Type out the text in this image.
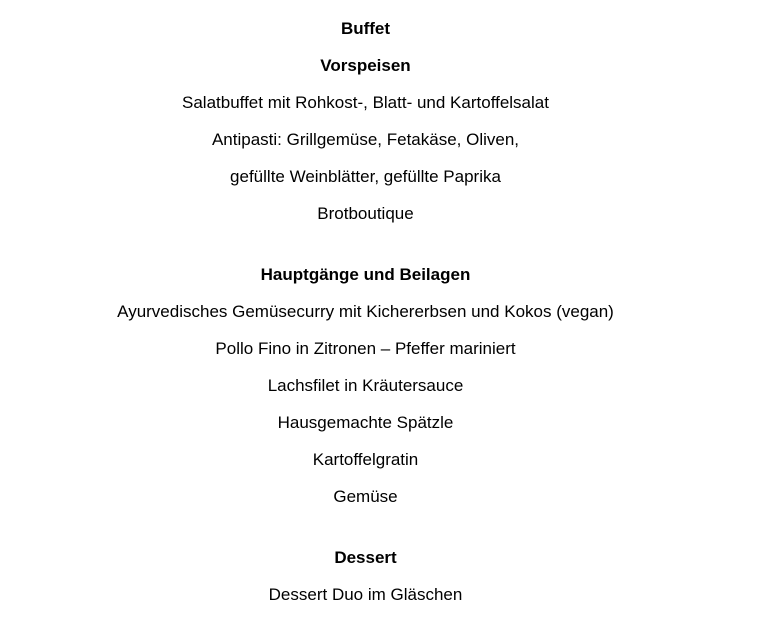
Buffet
Vorspeisen
Salatbuffet mit Rohkost-, Blatt- und Kartoffelsalat
Antipasti: Grillgemüse, Fetakäse, Oliven,
gefüllte Weinblätter, gefüllte Paprika
Brotboutique
Hauptgänge und Beilagen
Ayurvedisches Gemüsecurry mit Kichererbsen und Kokos (vegan)
Pollo Fino in Zitronen – Pfeffer mariniert
Lachsfilet in Kräutersauce
Hausgemachte Spätzle
Kartoffelgratin
Gemüse
Dessert
Dessert Duo im Gläschen
